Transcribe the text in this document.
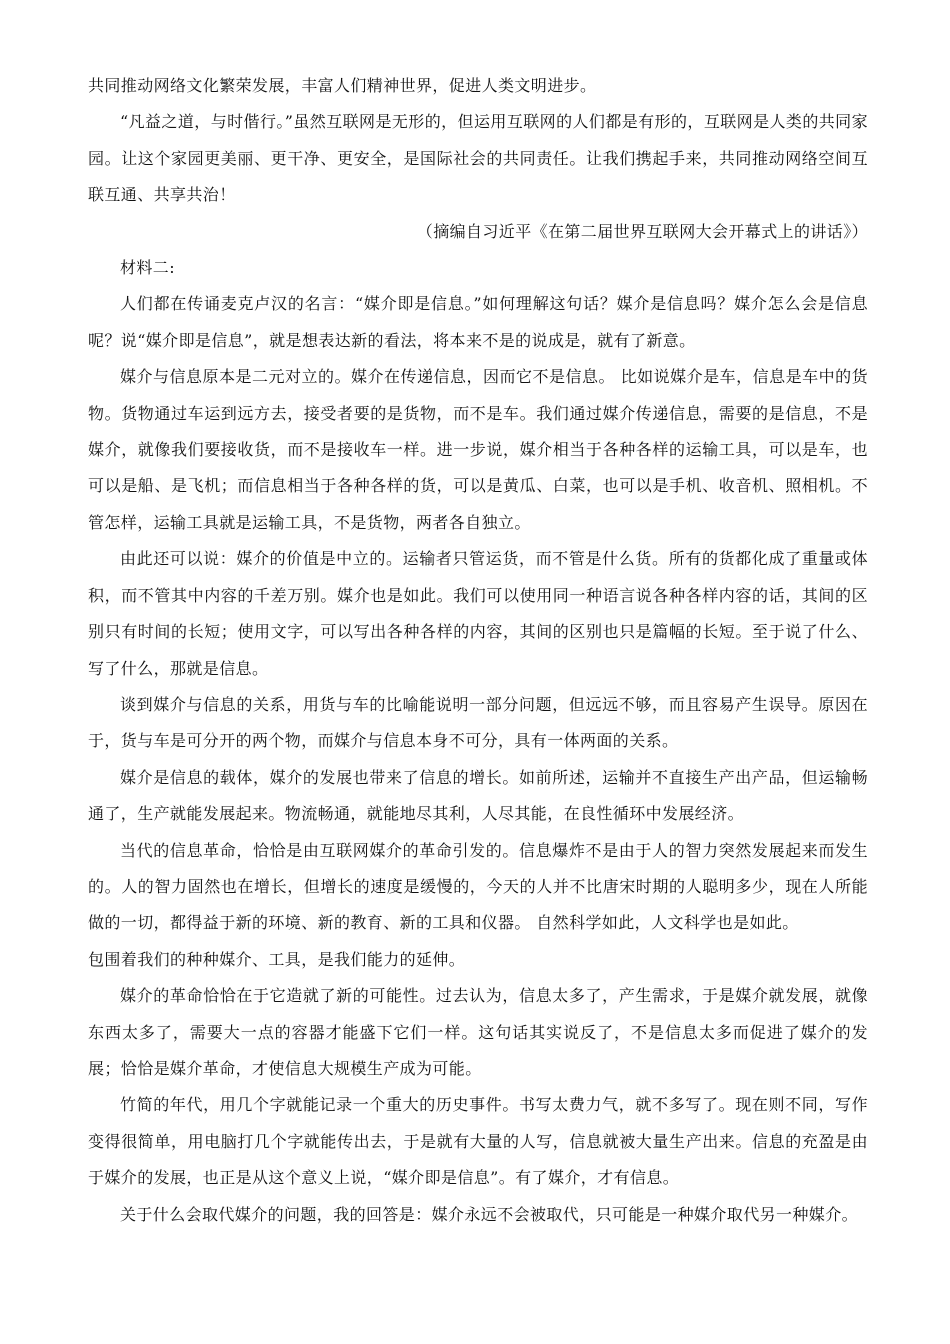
共同推动网络文化繁荣发展，丰富人们精神世界，促进人类文明进步。

“凡益之道，与时偕行。”虽然互联网是无形的，但运用互联网的人们都是有形的，互联网是人类的共同家园。让这个家园更美丽、更干净、更安全，是国际社会的共同责任。让我们携起手来，共同推动网络空间互联互通、共享共治！

（摘编自习近平《在第二届世界互联网大会开幕式上的讲话》）

材料二:

人们都在传诵麦克卢汉的名言：“媒介即是信息。”如何理解这句话？媒介是信息吗？媒介怎么会是信息呢？说“媒介即是信息”，就是想表达新的看法，将本来不是的说成是，就有了新意。

媒介与信息原本是二元对立的。媒介在传递信息，因而它不是信息。 比如说媒介是车，信息是车中的货物。货物通过车运到远方去，接受者要的是货物，而不是车。我们通过媒介传递信息，需要的是信息，不是媒介，就像我们要接收货，而不是接收车一样。进一步说，媒介相当于各种各样的运输工具，可以是车，也可以是船、是飞机；而信息相当于各种各样的货，可以是黄瓜、白菜，也可以是手机、收音机、照相机。不管怎样，运输工具就是运输工具，不是货物，两者各自独立。

由此还可以说：媒介的价值是中立的。运输者只管运货，而不管是什么货。所有的货都化成了重量或体积，而不管其中内容的千差万别。媒介也是如此。我们可以使用同一种语言说各种各样内容的话，其间的区别只有时间的长短；使用文字，可以写出各种各样的内容，其间的区别也只是篇幅的长短。至于说了什么、写了什么，那就是信息。

谈到媒介与信息的关系，用货与车的比喻能说明一部分问题，但远远不够，而且容易产生误导。原因在于，货与车是可分开的两个物，而媒介与信息本身不可分，具有一体两面的关系。

媒介是信息的载体，媒介的发展也带来了信息的增长。如前所述，运输并不直接生产出产品，但运输畅通了，生产就能发展起来。物流畅通，就能地尽其利，人尽其能，在良性循环中发展经济。

当代的信息革命，恰恰是由互联网媒介的革命引发的。信息爆炸不是由于人的智力突然发展起来而发生的。人的智力固然也在增长，但增长的速度是缓慢的，今天的人并不比唐宋时期的人聪明多少，现在人所能做的一切，都得益于新的环境、新的教育、新的工具和仪器。 自然科学如此，人文科学也是如此。

包围着我们的种种媒介、工具，是我们能力的延伸。

媒介的革命恰恰在于它造就了新的可能性。过去认为，信息太多了，产生需求，于是媒介就发展，就像东西太多了，需要大一点的容器才能盛下它们一样。这句话其实说反了，不是信息太多而促进了媒介的发展；恰恰是媒介革命，才使信息大规模生产成为可能。

竹简的年代，用几个字就能记录一个重大的历史事件。书写太费力气，就不多写了。现在则不同，写作变得很简单，用电脑打几个字就能传出去，于是就有大量的人写，信息就被大量生产出来。信息的充盈是由于媒介的发展，也正是从这个意义上说，“媒介即是信息”。有了媒介，才有信息。

关于什么会取代媒介的问题，我的回答是：媒介永远不会被取代，只可能是一种媒介取代另一种媒介。
